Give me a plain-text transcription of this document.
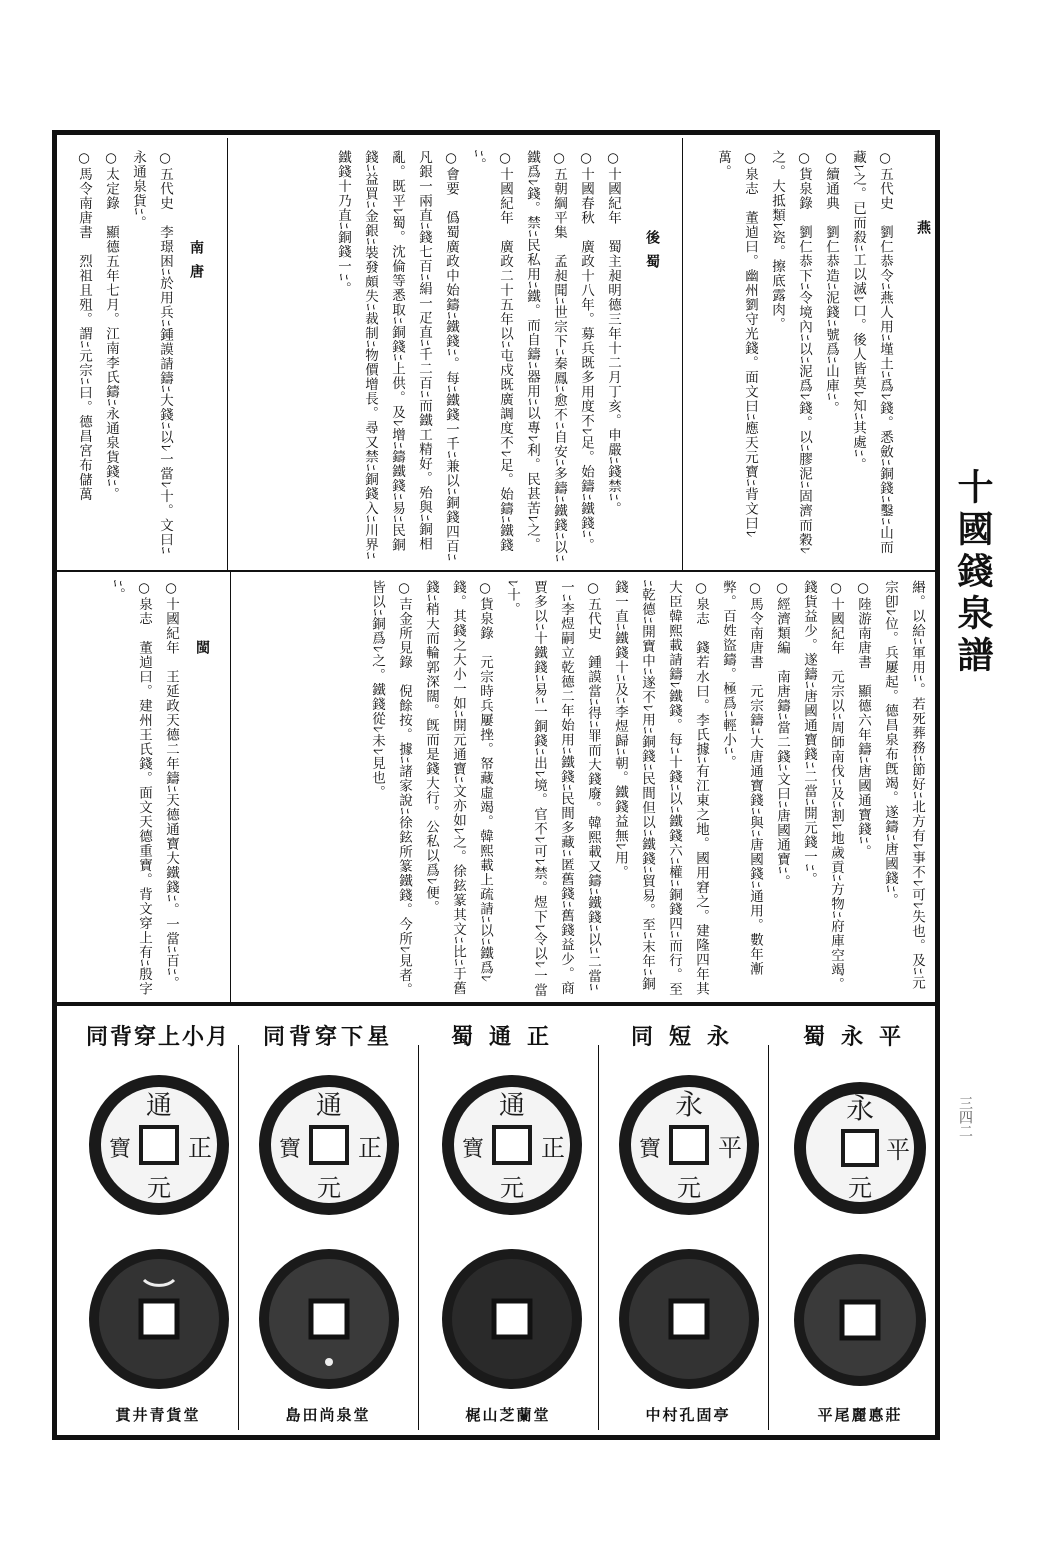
十國錢泉譜
三四二
燕
○五代史　劉仁恭令ﾆ燕人用ﾆ墐土ﾆ爲ﾚ錢。悉斂ﾆ銅錢ﾆ鑿ﾆ山而藏ﾚ之。已而殺ﾆ工以滅ﾚ口。後人皆莫ﾚ知ﾆ其處ﾆ。
○續通典　劉仁恭造ﾆ泥錢ﾆ號爲ﾆ山庫ﾆ。
○貨泉錄　劉仁恭下ﾆ令境內ﾆ以ﾆ泥爲ﾚ錢。以ﾆ膠泥ﾆ固濟而穀ﾚ之。大抵類ﾚ瓷。擦底露肉。
○泉志　董逌曰。幽州劉守光錢。面文曰ﾆ應天元寶ﾆ背文曰ﾚ萬。
後蜀
○十國紀年　蜀主昶明德三年十二月丁亥。申嚴ﾆ錢禁ﾆ。
○十國春秋　廣政十八年。募兵既多用度不ﾚ足。始鑄ﾆ鐵錢ﾆ。
○五朝綱平集　孟昶聞ﾆ世宗下ﾆ秦鳳ﾆ愈不ﾆ自安ﾆ多鑄ﾆ鐵錢ﾆ以ﾆ鐵爲ﾚ錢。禁ﾆ民私用ﾆ鐵。而自鑄ﾆ器用ﾆ以專ﾚ利。民甚苦ﾚ之。
○十國紀年　廣政二十五年以ﾆ屯戍既廣調度不ﾚ足。始鑄ﾆ鐵錢ﾆ。
○會要　僞蜀廣政中始鑄ﾆ鐵錢ﾆ。每ﾆ鐵錢一千ﾆ兼以ﾆ銅錢四百ﾆ凡銀一兩直ﾆ錢七百ﾆ絹一疋直ﾆ千二百ﾆ而鐵工精好。殆與ﾆ銅相亂。既平ﾚ蜀。沈倫等悉取ﾆ銅錢ﾆ上供。及ﾚ增ﾆ鑄鐵錢ﾆ易ﾆ民銅錢ﾆ益買ﾆ金銀ﾆ裝發頗失ﾆ裁制ﾆ物價增長。尋又禁ﾆ銅錢入ﾆ川界ﾆ鐵錢十乃直ﾆ銅錢一ﾆ。
南唐
○五代史　李璟困ﾆ於用兵ﾆ鍾謨請鑄ﾆ大錢ﾆ以ﾚ一當ﾚ十。文曰ﾆ永通泉貨ﾆ。
○太定錄　顯德五年七月。江南李氏鑄ﾆ永通泉貨錢ﾆ。
○馬令南唐書　烈祖且殂。謂ﾆ元宗ﾆ曰。德昌宮布儲萬
緡。以給ﾆ軍用ﾆ。若死葬務ﾆ節好ﾆ北方有ﾚ事不ﾚ可ﾚ失也。及ﾆ元宗卽ﾚ位。兵屢起。德昌泉布旣竭。遂鑄ﾆ唐國錢ﾆ。
○陸游南唐書　顯德六年鑄ﾆ唐國通寶錢ﾆ。
○十國紀年　元宗以ﾆ周師南伐ﾆ及ﾆ割ﾚ地歲貢ﾆ方物ﾆ府庫空竭。錢貨益少。遂鑄ﾆ唐國通寶錢ﾆ二當ﾆ開元錢一ﾆ。
○經濟類編　南唐鑄ﾆ當二錢ﾆ文曰ﾆ唐國通寶ﾆ。
○馬令南唐書　元宗鑄ﾆ大唐通寶錢ﾆ與ﾆ唐國錢ﾆ通用。數年漸弊。百姓盜鑄。極爲ﾆ輕小ﾆ。
○泉志　錢若水曰。李氏據ﾆ有江東之地。國用窘之。建隆四年其大臣韓熙載請鑄ﾚ鐵錢。每ﾆ十錢ﾆ以ﾆ鐵錢六ﾆ權ﾆ銅錢四ﾆ而行。至ﾆ乾德ﾆ開寶中ﾆ遂不ﾚ用ﾆ銅錢ﾆ民間但以ﾆ鐵錢ﾆ貿易。至ﾆ末年ﾆ銅錢一直ﾆ鐵錢十ﾆ及ﾆ李煜歸ﾆ朝。鐵錢益無ﾚ用。
○五代史　鍾謨當ﾆ得ﾆ罪而大錢廢。韓熙載又鑄ﾆ鐵錢ﾆ以ﾆ二當ﾆ一ﾆ李煜嗣立乾德二年始用ﾆ鐵錢ﾆ民間多藏ﾆ匿舊錢ﾆ舊錢益少。商賈多以ﾆ十鐵錢ﾆ易ﾆ一銅錢ﾆ出ﾚ境。官不ﾚ可ﾚ禁。煜下ﾚ令以ﾚ一當ﾚ十。
○貨泉錄　元宗時兵屢挫。帑藏虛竭。韓熙載上疏請ﾆ以ﾆ鐵爲ﾚ錢。其錢之大小一如ﾆ開元通寶ﾆ文亦如ﾚ之。徐鉉篆其文ﾆ比ﾆ于舊錢ﾆ稍大而輪郭深闊。旣而是錢大行。公私以爲ﾚ便。
○吉金所見錄　倪餘按。據ﾆ諸家說ﾆ徐鉉所篆鐵錢。今所ﾚ見者。皆以ﾆ銅爲ﾚ之。鐵錢從ﾚ未ﾚ見也。
閩
○十國紀年　王延政天德二年鑄ﾆ天德通寶大鐵錢ﾆ。一當ﾆ百ﾆ。
○泉志　董逌曰。建州王氏錢。面文天德重寶。背文穿上有ﾆ殷字ﾆ。
蜀永平
同短永
蜀通正
同背穿下星
同背穿上小月
永
平
元
永
平
元
寶
通
正
元
寶
通
正
元
寶
通
正
元
寶
平尾麗悳莊
中村孔固亭
梶山芝蘭堂
島田尚泉堂
貫井青貨堂
